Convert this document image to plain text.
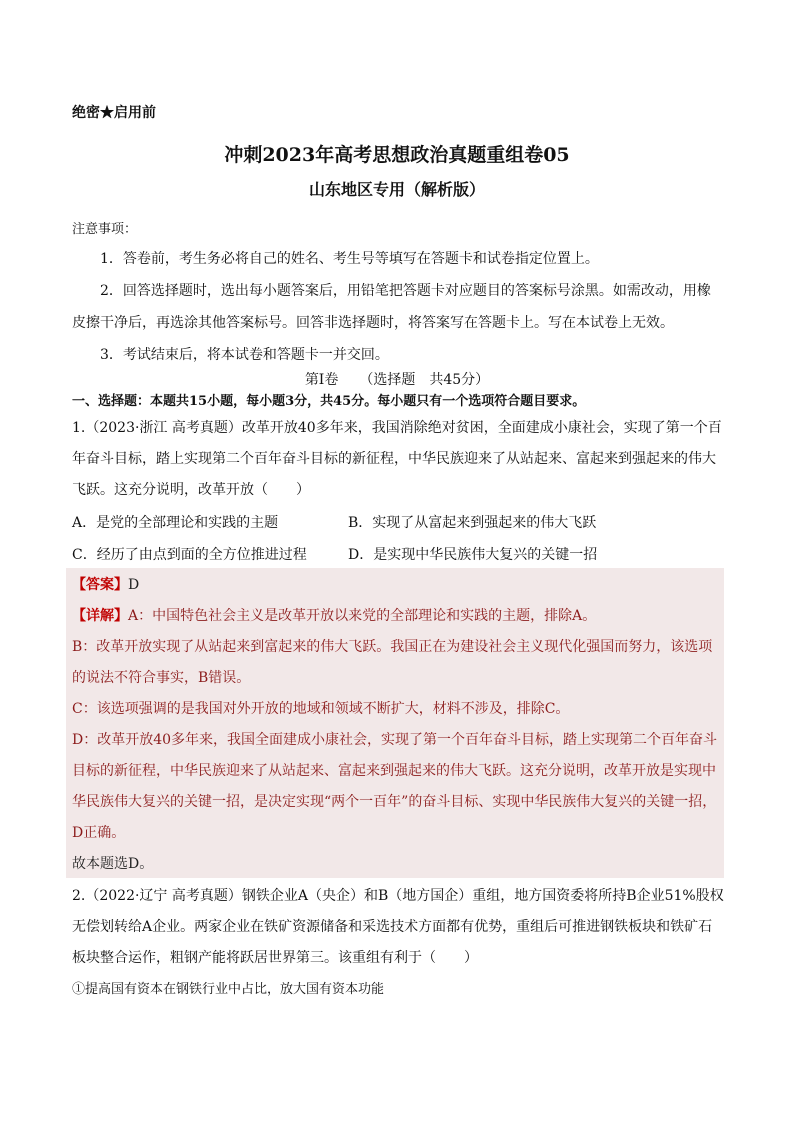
绝密★启用前
冲刺2023年高考思想政治真题重组卷05
山东地区专用（解析版）
注意事项：
1．答卷前，考生务必将自己的姓名、考生号等填写在答题卡和试卷指定位置上。
2．回答选择题时，选出每小题答案后，用铅笔把答题卡对应题目的答案标号涂黑。如需改动，用橡皮擦干净后，再选涂其他答案标号。回答非选择题时，将答案写在答题卡上。写在本试卷上无效。
3．考试结束后，将本试卷和答题卡一并交回。
第I卷　　（选择题　共45分）
一、选择题：本题共15小题，每小题3分，共45分。每小题只有一个选项符合题目要求。
1.（2023·浙江 高考真题）改革开放40多年来，我国消除绝对贫困，全面建成小康社会，实现了第一个百年奋斗目标，踏上实现第二个百年奋斗目标的新征程，中华民族迎来了从站起来、富起来到强起来的伟大飞跃。这充分说明，改革开放（　　）
A．是党的全部理论和实践的主题	B．实现了从富起来到强起来的伟大飞跃
C．经历了由点到面的全方位推进过程	D．是实现中华民族伟大复兴的关键一招
【答案】D
【详解】A：中国特色社会主义是改革开放以来党的全部理论和实践的主题，排除A。
B：改革开放实现了从站起来到富起来的伟大飞跃。我国正在为建设社会主义现代化强国而努力，该选项的说法不符合事实，B错误。
C：该选项强调的是我国对外开放的地域和领域不断扩大，材料不涉及，排除C。
D：改革开放40多年来，我国全面建成小康社会，实现了第一个百年奋斗目标，踏上实现第二个百年奋斗目标的新征程，中华民族迎来了从站起来、富起来到强起来的伟大飞跃。这充分说明，改革开放是实现中华民族伟大复兴的关键一招，是决定实现“两个一百年”的奋斗目标、实现中华民族伟大复兴的关键一招，D正确。
故本题选D。
2.（2022·辽宁 高考真题）钢铁企业A（央企）和B（地方国企）重组，地方国资委将所持B企业51%股权无偿划转给A企业。两家企业在铁矿资源储备和采选技术方面都有优势，重组后可推进钢铁板块和铁矿石板块整合运作，粗钢产能将跃居世界第三。该重组有利于（　　）
①提高国有资本在钢铁行业中占比，放大国有资本功能
